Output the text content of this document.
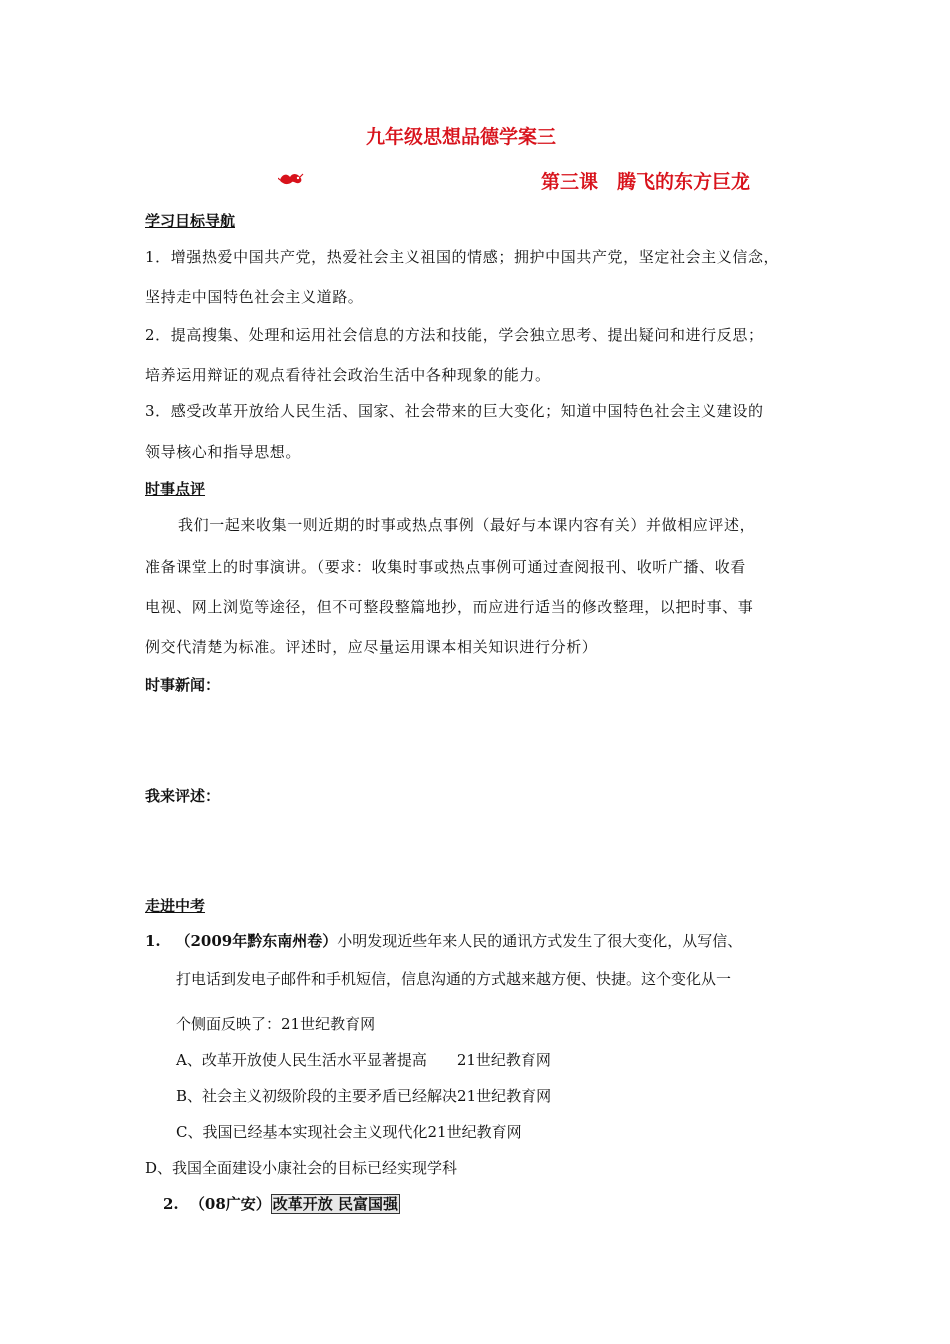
九年级思想品德学案三
第三课　腾飞的东方巨龙
学习目标导航
1．增强热爱中国共产党，热爱社会主义祖国的情感；拥护中国共产党，坚定社会主义信念，
坚持走中国特色社会主义道路。
2．提高搜集、处理和运用社会信息的方法和技能，学会独立思考、提出疑问和进行反思；
培养运用辩证的观点看待社会政治生活中各种现象的能力。
3．感受改革开放给人民生活、国家、社会带来的巨大变化；知道中国特色社会主义建设的
领导核心和指导思想。
时事点评
我们一起来收集一则近期的时事或热点事例（最好与本课内容有关）并做相应评述，
准备课堂上的时事演讲。（要求：收集时事或热点事例可通过查阅报刊、收听广播、收看
电视、网上浏览等途径，但不可整段整篇地抄，而应进行适当的修改整理，以把时事、事
例交代清楚为标准。评述时，应尽量运用课本相关知识进行分析）
时事新闻：
我来评述：
走进中考
1. （2009年黔东南州卷）小明发现近些年来人民的通讯方式发生了很大变化，从写信、
打电话到发电子邮件和手机短信，信息沟通的方式越来越方便、快捷。这个变化从一
个侧面反映了：21世纪教育网
A、改革开放使人民生活水平显著提高　　21世纪教育网
B、社会主义初级阶段的主要矛盾已经解决21世纪教育网
C、我国已经基本实现社会主义现代化21世纪教育网
D、我国全面建设小康社会的目标已经实现学科
2. （08广安） 改革开放 民富国强
